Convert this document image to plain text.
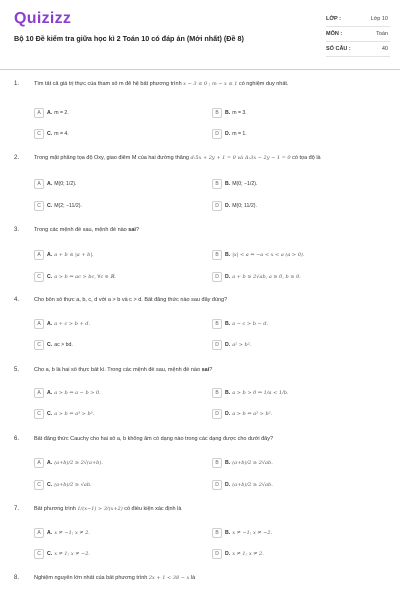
Quizizz
Bộ 10 Đề kiểm tra giữa học kì 2 Toán 10 có đáp án (Mới nhất) (Đề 8)
LỚP :	Lớp 10
MÔN :	Toán
SỐ CÂU :	40
1.	Tìm tất cả giá trị thực của tham số m để hệ bất phương trình x − 3 ≤ 0 ; m − x ≤ 1 có nghiệm duy nhất.
A	A. m = 2.	B	B. m = 3.
C	C. m = 4.	D	D. m = 1.
2.	Trong mặt phẳng tọa độ Oxy, giao điểm M của hai đường thẳng d:5x + 2y + 1 = 0 và Δ:3x − 2y − 1 = 0 có tọa độ là
A	A. M(0; 1/2).	B	B. M(0; −1/2).
C	C. M(2; −11/2).	D	D. M(0; 11/2).
3.	Trong các mệnh đề sau, mệnh đề nào sai?
A	A. a + b ≤ |a + b|.	B	B. |x| < a ⇔ −a < x < a (a > 0).
C	C. a > b ⇔ ac > bc, ∀c ∈ ℝ.	D	D. a + b ≥ 2√ab, a ≥ 0, b ≥ 0.
4.	Cho bốn số thực a, b, c, d với a > b và c > d. Bất đẳng thức nào sau đây đúng?
A	A. a + c > b + d.	B	B. a − c > b − d.
C	C. ac > bd.	D	D. a² > b².
5.	Cho a, b là hai số thực bất kì. Trong các mệnh đề sau, mệnh đề nào sai?
A	A. a > b ⇔ a − b > 0.	B	B. a > b > 0 ⇒ 1/a < 1/b.
C	C. a > b ⇔ a³ > b³.	D	D. a > b ⇔ a² > b².
6.	Bất đẳng thức Cauchy cho hai số a, b không âm có dạng nào trong các dạng được cho dưới đây?
A	A. (a+b)/2 ≥ 2√(a+b).	B	B. (a+b)/2 ≥ 2√ab.
C	C. (a+b)/2 ≥ √ab.	D	D. (a+b)/2 ≥ 2√ab.
7.	Bất phương trình 1/(x−1) > 3/(x+2) có điều kiện xác định là
A	A. x ≠ −1; x ≠ 2.	B	B. x ≠ −1; x ≠ −2.
C	C. x ≠ 1; x ≠ −2.	D	D. x ≠ 1; x ≠ 2.
8.	Nghiệm nguyên lớn nhất của bất phương trình 2x + 1 < 38 − x là
